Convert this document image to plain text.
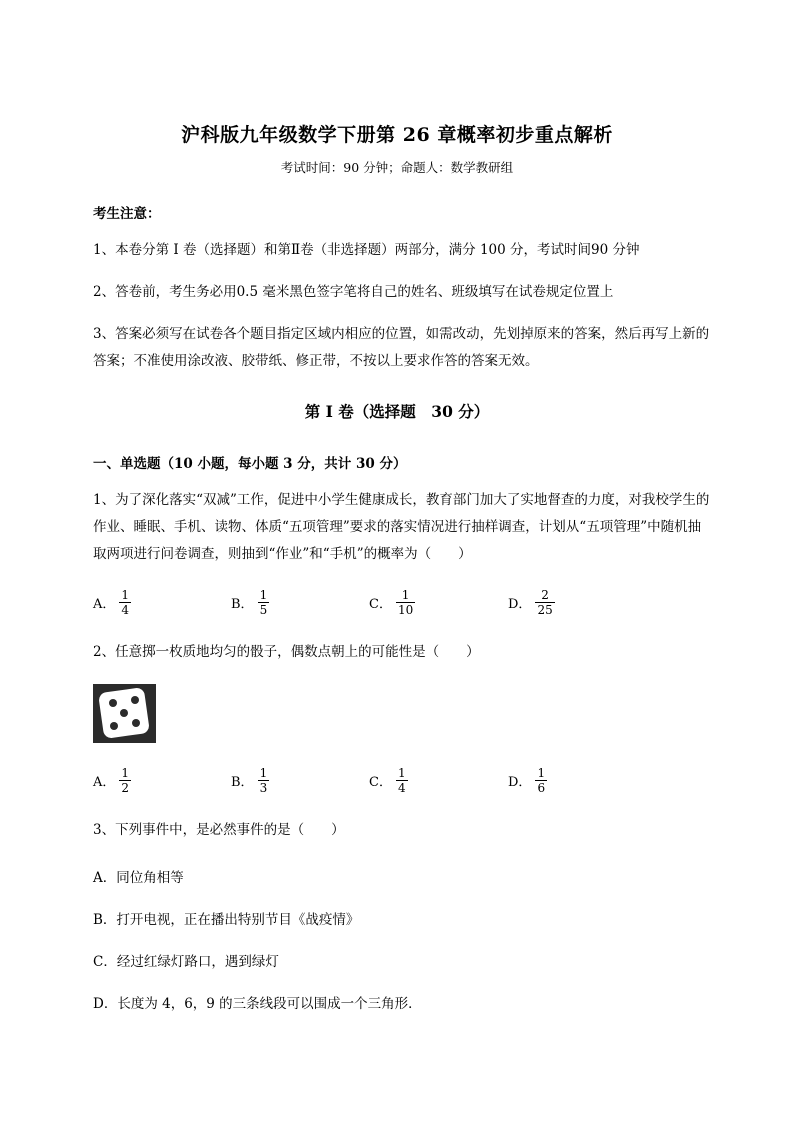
沪科版九年级数学下册第 26 章概率初步重点解析
考试时间：90 分钟；命题人：数学教研组
考生注意：
1、本卷分第 I 卷（选择题）和第Ⅱ卷（非选择题）两部分，满分 100 分，考试时间90 分钟
2、答卷前，考生务必用0.5 毫米黑色签字笔将自己的姓名、班级填写在试卷规定位置上
3、答案必须写在试卷各个题目指定区域内相应的位置，如需改动，先划掉原来的答案，然后再写上新的答案；不准使用涂改液、胶带纸、修正带，不按以上要求作答的答案无效。
第 I 卷（选择题　30 分）
一、单选题（10 小题，每小题 3 分，共计 30 分）
1、为了深化落实“双减”工作，促进中小学生健康成长，教育部门加大了实地督查的力度，对我校学生的作业、睡眠、手机、读物、体质“五项管理”要求的落实情况进行抽样调查，计划从“五项管理”中随机抽取两项进行问卷调查，则抽到“作业”和“手机”的概率为（　　）
A． $\frac{1}{4}$	B． $\frac{1}{5}$	C． $\frac{1}{10}$	D． $\frac{2}{25}$
2、任意掷一枚质地均匀的骰子，偶数点朝上的可能性是（　　）
A． $\frac{1}{2}$	B． $\frac{1}{3}$	C． $\frac{1}{4}$	D． $\frac{1}{6}$
3、下列事件中，是必然事件的是（　　）
A．同位角相等
B．打开电视，正在播出特别节目《战疫情》
C．经过红绿灯路口，遇到绿灯
D．长度为 4，6，9 的三条线段可以围成一个三角形．
